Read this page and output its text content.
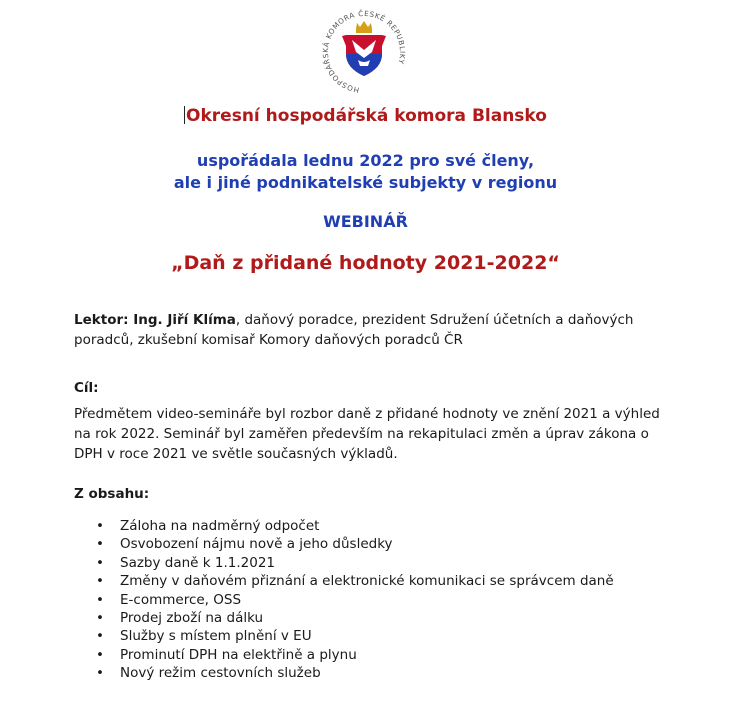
HOSPODÁŘSKÁ KOMORA ČESKÉ REPUBLIKY
Okresní hospodářská komora Blansko
uspořádala lednu 2022 pro své členy,
ale i jiné podnikatelské subjekty v regionu
WEBINÁŘ
„Daň z přidané hodnoty 2021-2022“
Lektor: Ing. Jiří Klíma, daňový poradce, prezident Sdružení účetních a daňových
poradců, zkušební komisař Komory daňových poradců ČR
Cíl:
Předmětem video-semináře byl rozbor daně z přidané hodnoty ve znění 2021 a výhled
na rok 2022. Seminář byl zaměřen především na rekapitulaci změn a úprav zákona o
DPH v roce 2021 ve světle současných výkladů.
Z obsahu:
• Záloha na nadměrný odpočet
• Osvobození nájmu nově a jeho důsledky
• Sazby daně k 1.1.2021
• Změny v daňovém přiznání a elektronické komunikaci se správcem daně
• E-commerce, OSS
• Prodej zboží na dálku
• Služby s místem plnění v EU
• Prominutí DPH na elektřině a plynu
• Nový režim cestovních služeb
